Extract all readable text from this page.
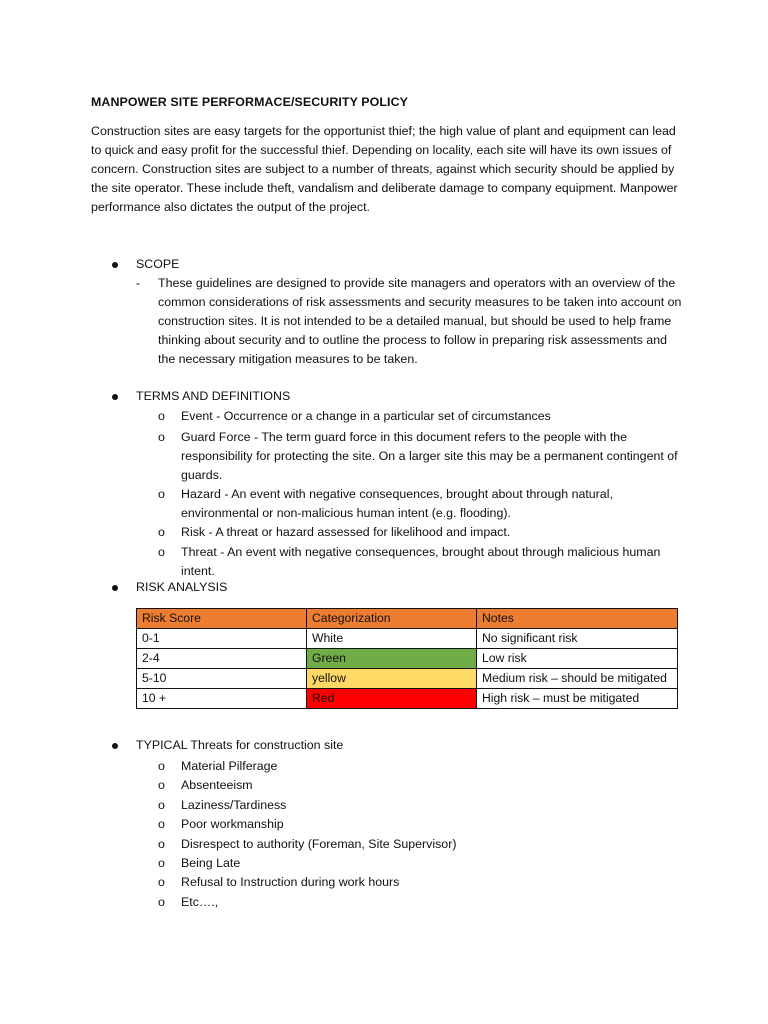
MANPOWER SITE PERFORMACE/SECURITY POLICY
Construction sites are easy targets for the opportunist thief; the high value of plant and equipment can lead to quick and easy profit for the successful thief. Depending on locality, each site will have its own issues of concern. Construction sites are subject to a number of threats, against which security should be applied by the site operator. These include theft, vandalism and deliberate damage to company equipment. Manpower performance also dictates the output of the project.
SCOPE
- These guidelines are designed to provide site managers and operators with an overview of the common considerations of risk assessments and security measures to be taken into account on construction sites. It is not intended to be a detailed manual, but should be used to help frame thinking about security and to outline the process to follow in preparing risk assessments and the necessary mitigation measures to be taken.
TERMS AND DEFINITIONS
o Event - Occurrence or a change in a particular set of circumstances
o Guard Force - The term guard force in this document refers to the people with the responsibility for protecting the site. On a larger site this may be a permanent contingent of guards.
o Hazard - An event with negative consequences, brought about through natural, environmental or non-malicious human intent (e.g. flooding).
o Risk - A threat or hazard assessed for likelihood and impact.
o Threat - An event with negative consequences, brought about through malicious human intent.
RISK ANALYSIS
Risk Score	Categorization	Notes
0-1	White	No significant risk
2-4	Green	Low risk
5-10	yellow	Medium risk – should be mitigated
10 +	Red	High risk – must be mitigated
TYPICAL Threats for construction site
o Material Pilferage
o Absenteeism
o Laziness/Tardiness
o Poor workmanship
o Disrespect to authority (Foreman, Site Supervisor)
o Being Late
o Refusal to Instruction during work hours
o Etc….,
